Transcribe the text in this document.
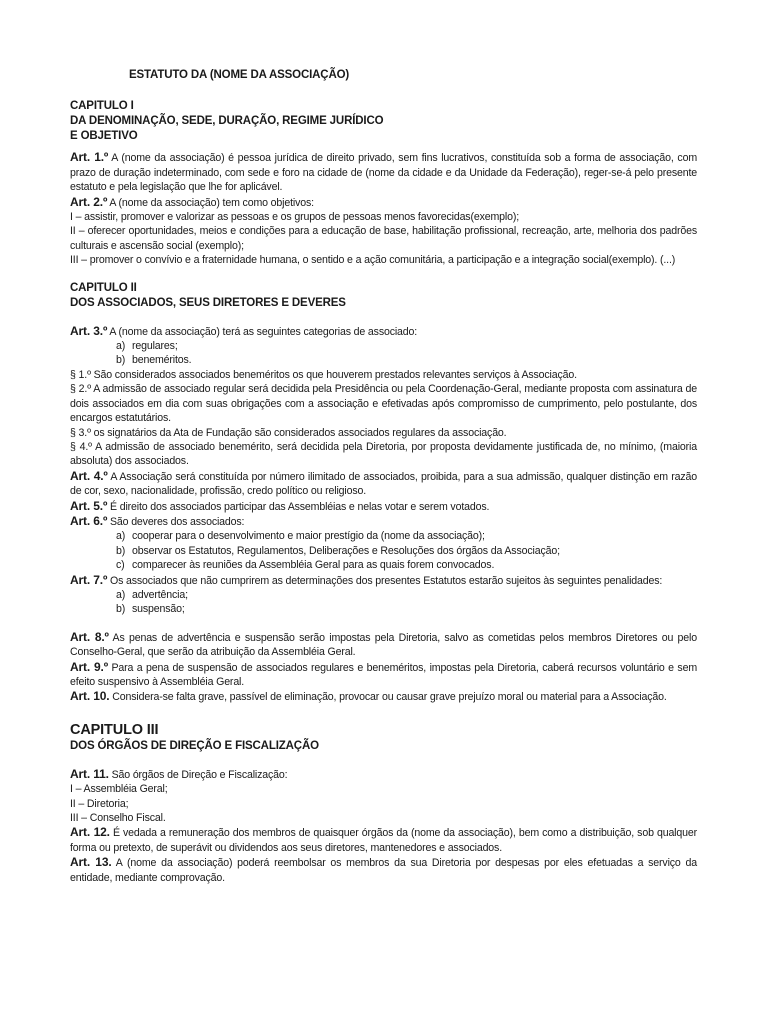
ESTATUTO DA (NOME DA ASSOCIAÇÃO)
CAPITULO I
DA DENOMINAÇÃO, SEDE, DURAÇÃO, REGIME JURÍDICO
E OBJETIVO

Art. 1.º A (nome da associação) é pessoa jurídica de direito privado, sem fins lucrativos, constituída sob a forma de associação, com prazo de duração indeterminado, com sede e foro na cidade de (nome da cidade e da Unidade da Federação), reger-se-á pelo presente estatuto e pela legislação que lhe for aplicável.

Art. 2.º A (nome da associação) tem como objetivos:

I – assistir, promover e valorizar as pessoas e os grupos de pessoas menos favorecidas(exemplo);

II – oferecer oportunidades, meios e condições para a educação de base, habilitação profissional, recreação, arte, melhoria dos padrões culturais e ascensão social (exemplo);

III – promover o convívio e a fraternidade humana, o sentido e a ação comunitária, a participação e a integração social(exemplo). (...)

CAPITULO II
DOS ASSOCIADOS, SEUS DIRETORES E DEVERES

Art. 3.º A (nome da associação) terá as seguintes categorias de associado:

a) regulares;
b) beneméritos.

§ 1.º São considerados associados beneméritos os que houverem prestados relevantes serviços à Associação.

§ 2.º A admissão de associado regular será decidida pela Presidência ou pela Coordenação-Geral, mediante proposta com assinatura de dois associados em dia com suas obrigações com a associação e efetivadas após compromisso de cumprimento, pelo postulante, dos encargos estatutários.

§ 3.º os signatários da Ata de Fundação são considerados associados regulares da associação.

§ 4.º A admissão de associado benemérito, será decidida pela Diretoria, por proposta devidamente justificada de, no mínimo, (maioria absoluta) dos associados.

Art. 4.º A Associação será constituída por número ilimitado de associados, proibida, para a sua admissão, qualquer distinção em razão de cor, sexo, nacionalidade, profissão, credo político ou religioso.

Art. 5.º É direito dos associados participar das Assembléias e nelas votar e serem votados.

Art. 6.º São deveres dos associados:

a) cooperar para o desenvolvimento e maior prestígio da (nome da associação);
b) observar os Estatutos, Regulamentos, Deliberações e Resoluções dos órgãos da Associação;
c) comparecer às reuniões da Assembléia Geral para as quais forem convocados.

Art. 7.º Os associados que não cumprirem as determinações dos presentes Estatutos estarão sujeitos às seguintes penalidades:

a) advertência;
b) suspensão;

Art. 8.º As penas de advertência e suspensão serão impostas pela Diretoria, salvo as cometidas pelos membros Diretores ou pelo Conselho-Geral, que serão da atribuição da Assembléia Geral.

Art. 9.º Para a pena de suspensão de associados regulares e beneméritos, impostas pela Diretoria, caberá recursos voluntário e sem efeito suspensivo à Assembléia Geral.

Art. 10. Considera-se falta grave, passível de eliminação, provocar ou causar grave prejuízo moral ou material para a Associação.

CAPITULO III
DOS ÓRGÃOS DE DIREÇÃO E FISCALIZAÇÃO

Art. 11. São órgãos de Direção e Fiscalização:

I – Assembléia Geral;

II – Diretoria;

III – Conselho Fiscal.

Art. 12. É vedada a remuneração dos membros de quaisquer órgãos da (nome da associação), bem como a distribuição, sob qualquer forma ou pretexto, de superávit ou dividendos aos seus diretores, mantenedores e associados.

Art. 13. A (nome da associação) poderá reembolsar os membros da sua Diretoria por despesas por eles efetuadas a serviço da entidade, mediante comprovação.
